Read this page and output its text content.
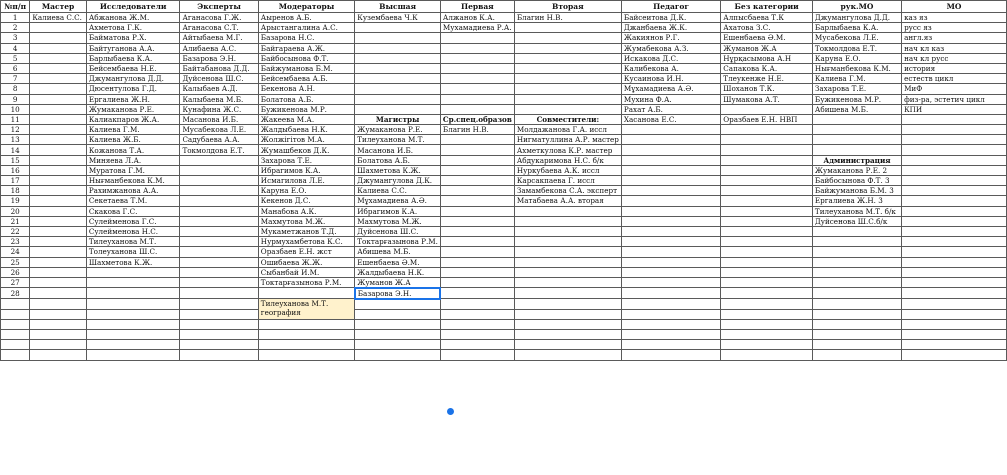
№п/п	Мастер	Исследователи	Эксперты	Модераторы	Высшая	Первая	Вторая	Педагог	Без категории	рук.МО	МО
1	Калиева С.С.	Абжанова Ж.М.	Аганасова Г.Ж.	Аыренов А.Б.	Кузембаева Ч.К	Алжанов К.А.	Благин Н.В.	Байсеитова Д.К.	Алпысбаева Т.К	Джумангулова Д.Д.	каз яз
2		Ахметова Г.К.	Аганасова С.Т.	Арыстангалина А.С.		Мухамадиева Р.А.		Джанбаева Ж.К.	Ахатова З.С.	Барлыбаева К.А.	русс яз
3		Байматова Р.Х.	Айтыбаева М.Г.	Базарова Н.С.				Жакиянов Р.Г.	Ешенбаева Ә.М.	Мусабекова Л.Е.	англ.яз
4		Байтуганова А.А.	Алибаева А.С.	Байгараева А.Ж.				Жумабекова А.З.	Жуманов Ж.А	Токмолдова Е.Т.	нач кл каз
5		Барлыбаева К.А.	Базарова Э.Н.	Байбосынова Ф.Т.				Искакова Д.С.	Нұрқасымова А.Н	Каруна Е.О.	нач кл русс
6		Бейсембаева Н.Е.	Байтабанова Д.Д.	Байжуманова Б.М.				Калибекова А.	Сапакова К.А.	Нығманбекова К.М.	история
7		Джумангулова Д.Д.	Дуйсенова Ш.С.	Бейсембаева А.Б.				Кусаинова И.Н.	Тлеукенже Н.Е.	Калиева Г.М.	естеств цикл
8		Дюсентулова Г.Д.	Калыбаев А.Д.	Бекенова А.Н.				Мұхамадиева А.Ә.	Шоханов Т.К.	Захарова Т.Е.	МиФ
9		Ергалиева Ж.Н.	Калыбаева М.Б.	Болатова А.Б.				Мухина Ф.А.	Шумакова А.Т.	Бужикенова М.Р.	физ-ра, эстетич цикл
10		Жумаканова Р.Е.	Кунафина Ж.С.	Бужикенова М.Р.				Рахат А.Б.		Абишева М.Б.	КПИ
11		Калиакпаров Ж.А.	Масанова И.Б.	Жакеева М.А.	Магистры	Ср.спец.образов	Совместители:	Хасанова Е.С.	Оразбаев Е.Н. НВП		
12		Калиева Г.М.	Мусабекова Л.Е.	Жалдыбаева Н.К.	Жумаканова Р.Е.	Благин Н.В.	Молдажанова Г.А. иссл				
13		Калиева Ж.Б.	Садубаева А.А.	Жолжігітов М.А.	Тилеуханова М.Т.		Нигматуллина А.Р. мастер				
14		Кожанова Т.А.	Токмолдова Е.Т.	Жумашбеков Д.К.	Масанова И.Б.		Ахметкулова К.Р. мастер				
15		Миняева Л.А.		Захарова Т.Е.	Болатова А.Б.		Абдукаримова Н.С. б/к			Администрация	
16		Муратова Г.М.		Ибрагимов К.А.	Шахметова К.Ж.		Нуркубаева А.К. иссл			Жумаканова Р.Е. 2	
17		Нығманбекова К.М.		Исмагилова Л.Е.	Джумангулова Д.К.		Карсакпаева Г. иссл			Байбосынова Ф.Т. 3	
18		Рахимжанова А.А.		Каруна Е.О.	Калиева С.С.		Замамбекова С.А. эксперт			Байжуманова Б.М. 3	
19		Секетаева Т.М.		Кекенов Д.С.	Мұхамадиева А.Ә.		Матабаева А.А. вторая			Ергалиева Ж.Н. 3	
20		Скакова Г.С.		Манабова А.К.	Ибрагимов К.А.					Тилеуханова М.Т. б/к	
21		Сулейменова Г.С.		Махмутова М.Ж.	Махмутова М.Ж.					Дуйсенова Ш.С.б/к	
22		Сулейменова Н.С.		Мукаметжанов Т.Д.	Дуйсенова Ш.С.						
23		Тилеуханова М.Т.		Нурмухамбетова К.С.	Токтарғазынова Р.М.						
24		Толеуханова Ш.С.		Оразбаев Е.Н. жст	Абишева М.Б.						
25		Шахметова К.Ж.		Ошибаева Ж.Ж.	Ешенбаева Ә.М.						
26				Сыбанбай И.М.	Жалдыбаева Н.К.						
27				Токтарғазынова Р.М.	Жуманов Ж.А						
28					Базарова Э.Н.						
				Тилеуханова М.Т. география							
